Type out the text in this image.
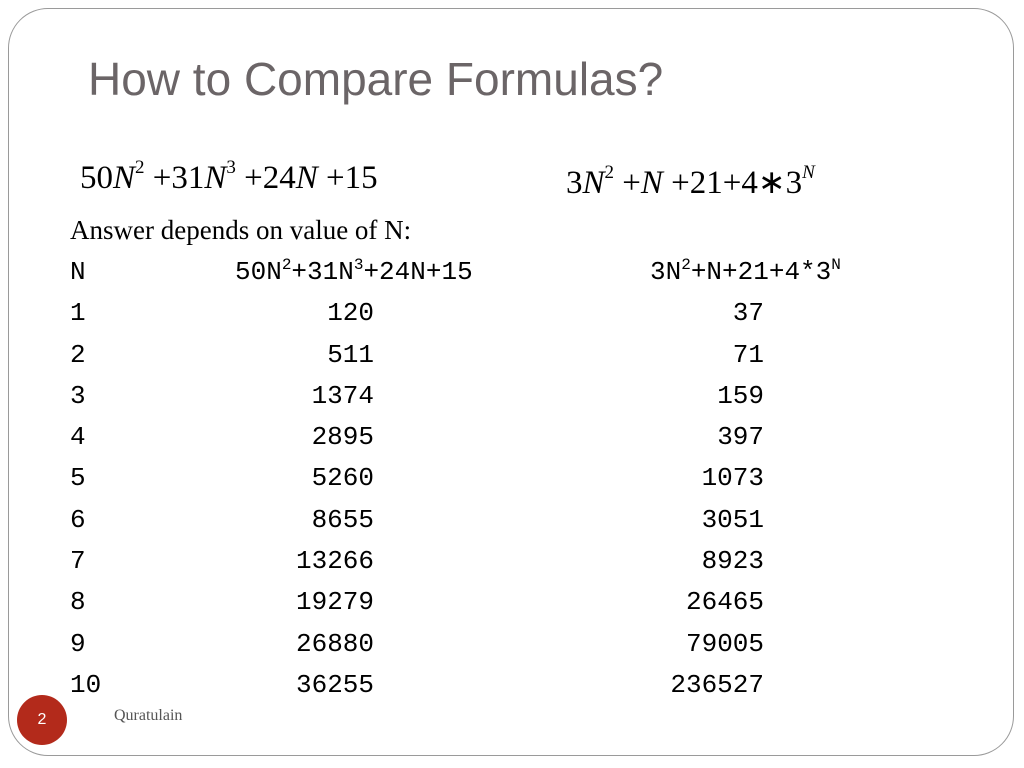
How to Compare Formulas?
$50N^2 +31N^3 +24N +15$	$3N^2 +N$ $+21+4∗3^N$
Answer depends on value of N:
N	$50N^2+31N^3+24N+15$	$3N^2+N+21+4*3^N$
1	120	37
2	511	71
3	1374	159
4	2895	397
5	5260	1073
6	8655	3051
7	13266	8923
8	19279	26465
9	26880	79005
10	36255	236527
2	Quratulain
